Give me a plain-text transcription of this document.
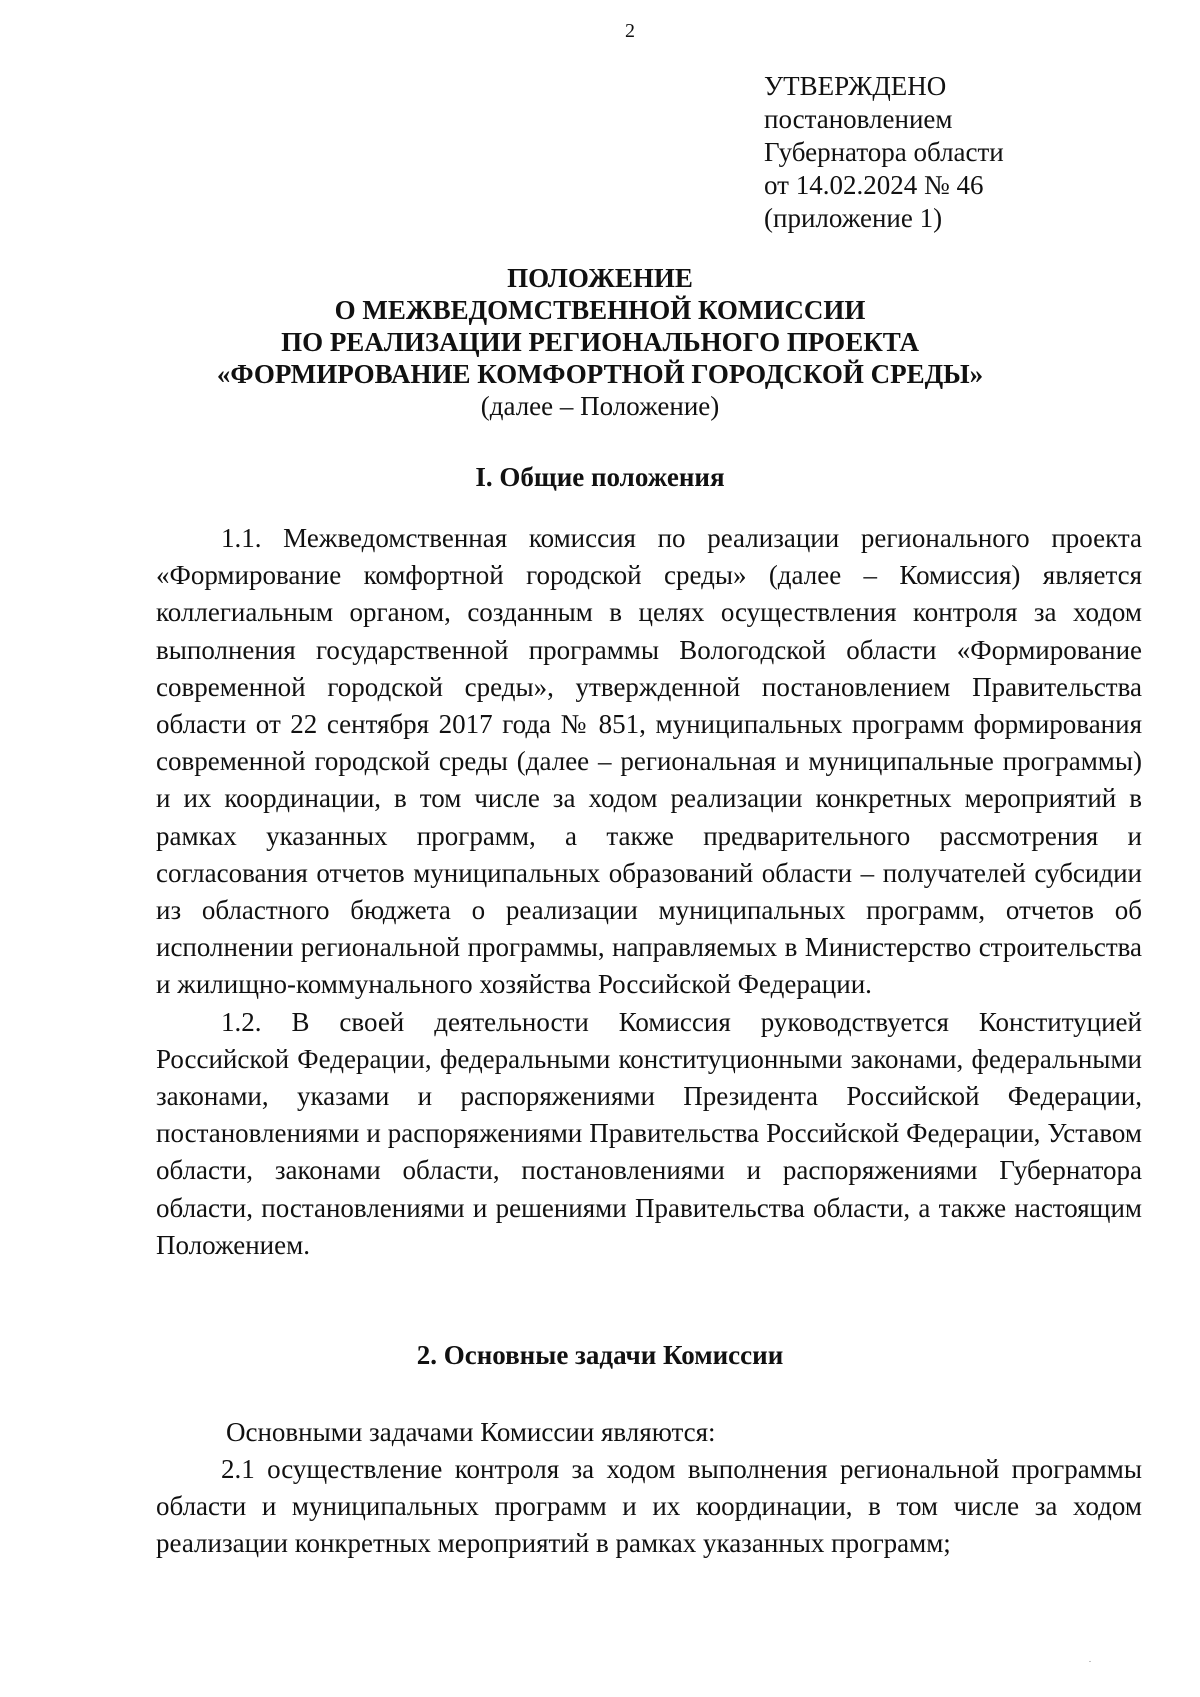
2
УТВЕРЖДЕНО
постановлением
Губернатора области
от 14.02.2024 № 46
(приложение 1)
ПОЛОЖЕНИЕ
О МЕЖВЕДОМСТВЕННОЙ КОМИССИИ
ПО РЕАЛИЗАЦИИ РЕГИОНАЛЬНОГО ПРОЕКТА
«ФОРМИРОВАНИЕ КОМФОРТНОЙ ГОРОДСКОЙ СРЕДЫ»
(далее – Положение)
I. Общие положения

1.1. Межведомственная комиссия по реализации регионального проекта «Формирование комфортной городской среды» (далее – Комиссия) является коллегиальным органом, созданным в целях осуществления контроля за ходом выполнения государственной программы Вологодской области «Формирование современной городской среды», утвержденной постановлением Правительства области от 22 сентября 2017 года № 851, муниципальных программ формирования современной городской среды (далее – региональная и муниципальные программы) и их координации, в том числе за ходом реализации конкретных мероприятий в рамках указанных программ, а также предварительного рассмотрения и согласования отчетов муниципальных образований области – получателей субсидии из областного бюджета о реализации муниципальных программ, отчетов об исполнении региональной программы, направляемых в Министерство строительства и жилищно-коммунального хозяйства Российской Федерации.

1.2. В своей деятельности Комиссия руководствуется Конституцией Российской Федерации, федеральными конституционными законами, федеральными законами, указами и распоряжениями Президента Российской Федерации, постановлениями и распоряжениями Правительства Российской Федерации, Уставом области, законами области, постановлениями и распоряжениями Губернатора области, постановлениями и решениями Правительства области, а также настоящим Положением.

2. Основные задачи Комиссии
Основными задачами Комиссии являются:

2.1 осуществление контроля за ходом выполнения региональной программы области и муниципальных программ и их координации, в том числе за ходом реализации конкретных мероприятий в рамках указанных программ;
